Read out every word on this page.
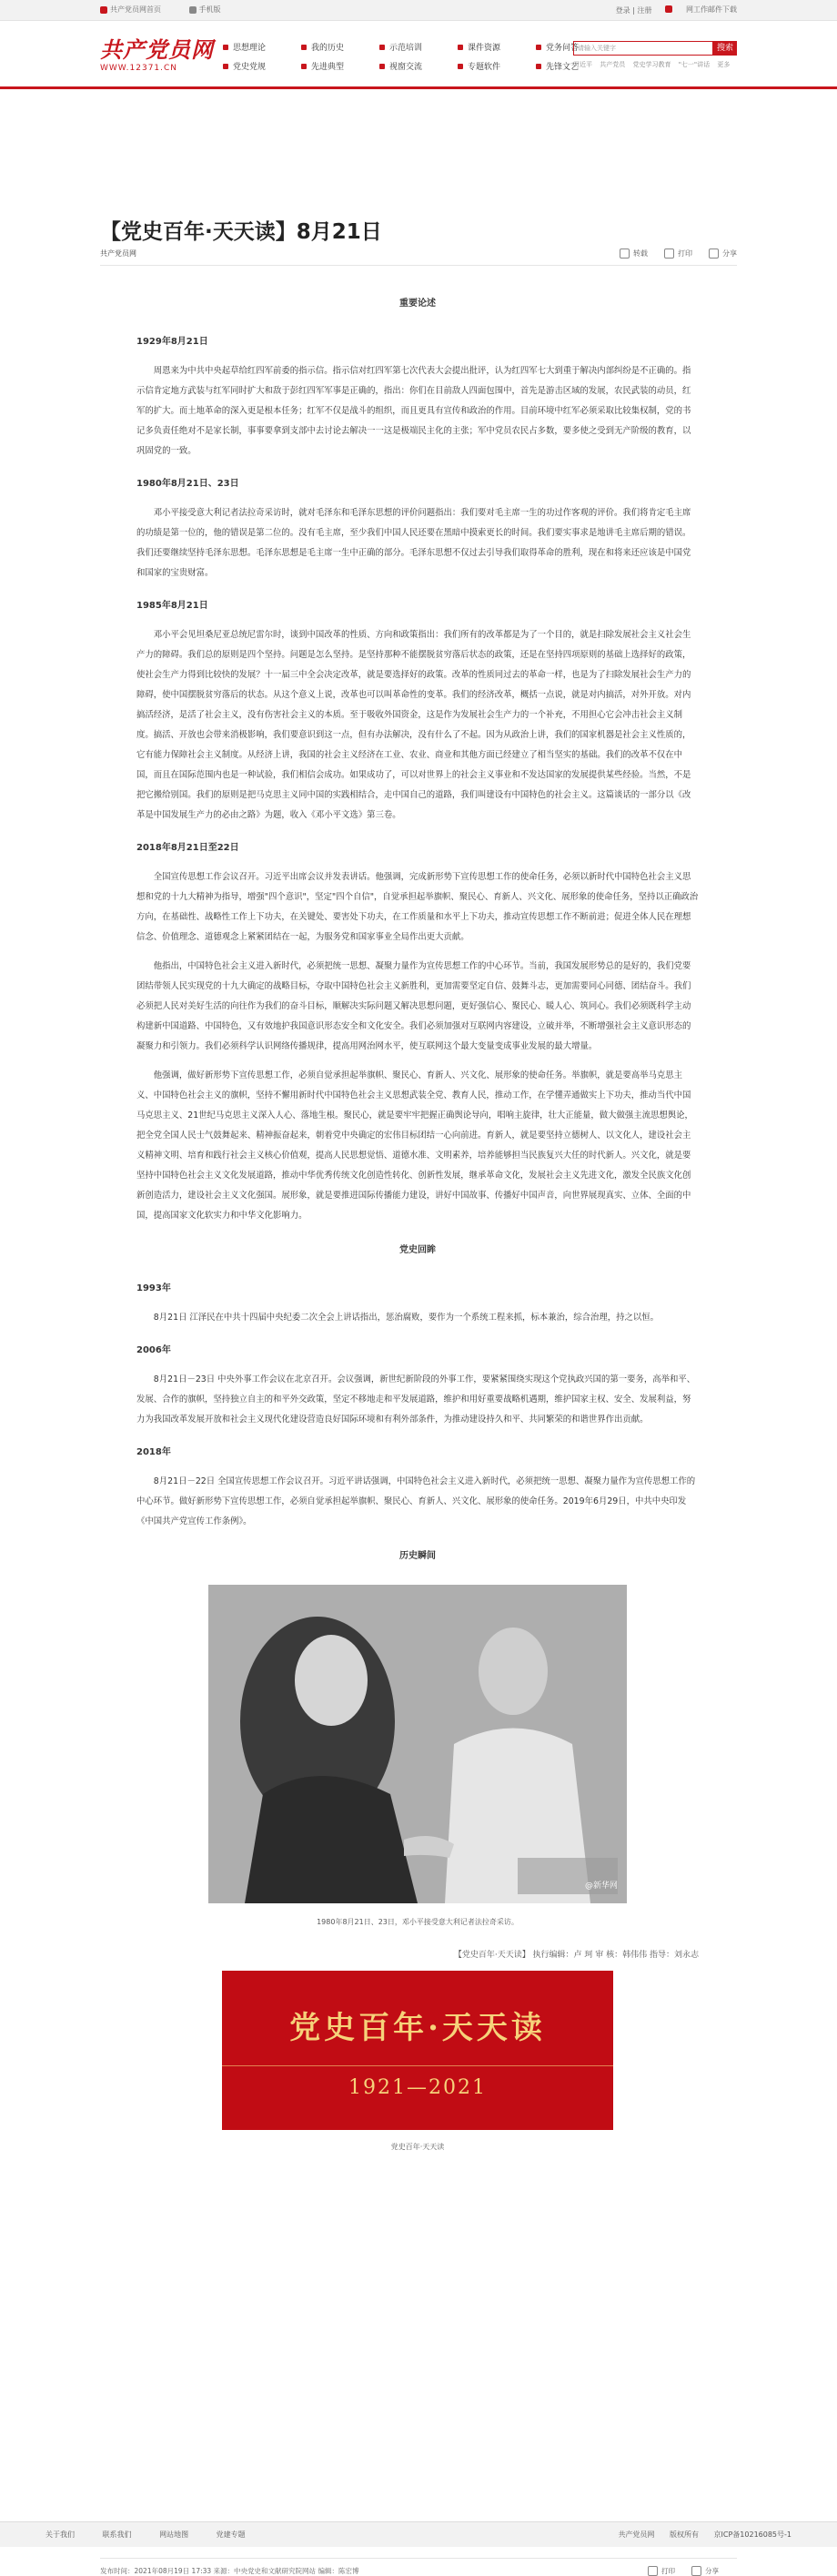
共产党员网首页
	手机版	登录 | 注册	网工作邮件下载
共产党员网
WWW.12371.CN
思想理论	我的历史	示范培训	课件资源	党务问答
党史党规	先进典型	视窗交流	专题软件	先锋文艺
请输入关键字	搜索
习近平 共产党员 党史学习教育 "七一"讲话 更多
【党史百年·天天读】8月21日
共产党员网	转载	打印	分享

重要论述

1929年8月21日

周恩来为中共中央起草给红四军前委的指示信。指示信对红四军第七次代表大会提出批评，认为红四军七大到重于解决内部纠纷是不正确的。指示信肯定地方武装与红军同时扩大和敌于彭红四军军事是正确的，指出：你们在目前敌人四面包围中，首先是游击区域的发展，农民武装的动员，红军的扩大。而土地革命的深入更是根本任务；红军不仅是战斗的组织，而且更具有宣传和政治的作用。目前环境中红军必须采取比较集权制，党的书记多负责任绝对不是家长制，事事要拿到支部中去讨论去解决一一这是极端民主化的主张；军中党员农民占多数，要多使之受到无产阶级的教育，以巩固党的一致。

1980年8月21日、23日

邓小平接受意大利记者法拉奇采访时，就对毛泽东和毛泽东思想的评价问题指出：我们要对毛主席一生的功过作客观的评价。我们将肯定毛主席的功绩是第一位的，他的错误是第二位的。没有毛主席，至少我们中国人民还要在黑暗中摸索更长的时间。我们要实事求是地讲毛主席后期的错误。我们还要继续坚持毛泽东思想。毛泽东思想是毛主席一生中正确的部分。毛泽东思想不仅过去引导我们取得革命的胜利，现在和将来还应该是中国党和国家的宝贵财富。

1985年8月21日

邓小平会见坦桑尼亚总统尼雷尔时，谈到中国改革的性质、方向和政策指出：我们所有的改革都是为了一个目的，就是扫除发展社会主义社会生产力的障碍。我们总的原则是四个坚持。问题是怎么坚持。是坚持那种不能摆脱贫穷落后状态的政策，还是在坚持四项原则的基础上选择好的政策，使社会生产力得到比较快的发展？十一届三中全会决定改革，就是要选择好的政策。改革的性质同过去的革命一样，也是为了扫除发展社会生产力的障碍，使中国摆脱贫穷落后的状态。从这个意义上说，改革也可以叫革命性的变革。我们的经济改革，概括一点说，就是对内搞活，对外开放。对内搞活经济，是活了社会主义，没有伤害社会主义的本质。至于吸收外国资金，这是作为发展社会生产力的一个补充，不用担心它会冲击社会主义制度。搞活、开放也会带来消极影响，我们要意识到这一点，但有办法解决，没有什么了不起。因为从政治上讲，我们的国家机器是社会主义性质的，它有能力保障社会主义制度。从经济上讲，我国的社会主义经济在工业、农业、商业和其他方面已经建立了相当坚实的基础。我们的改革不仅在中国，而且在国际范围内也是一种试验，我们相信会成功。如果成功了，可以对世界上的社会主义事业和不发达国家的发展提供某些经验。当然，不是把它搬给别国。我们的原则是把马克思主义同中国的实践相结合，走中国自己的道路，我们叫建设有中国特色的社会主义。这篇谈话的一部分以《改革是中国发展生产力的必由之路》为题，收入《邓小平文选》第三卷。

2018年8月21日至22日

全国宣传思想工作会议召开。习近平出席会议并发表讲话。他强调，完成新形势下宣传思想工作的使命任务，必须以新时代中国特色社会主义思想和党的十九大精神为指导，增强"四个意识"，坚定"四个自信"，自觉承担起举旗帜、聚民心、育新人、兴文化、展形象的使命任务，坚持以正确政治方向，在基础性、战略性工作上下功夫，在关键处、要害处下功夫，在工作质量和水平上下功夫，推动宣传思想工作不断前进；促进全体人民在理想信念、价值理念、道德观念上紧紧团结在一起，为服务党和国家事业全局作出更大贡献。

他指出，中国特色社会主义进入新时代，必须把统一思想、凝聚力量作为宣传思想工作的中心环节。当前，我国发展形势总的是好的，我们党要团结带领人民实现党的十九大确定的战略目标，夺取中国特色社会主义新胜利，更加需要坚定自信、鼓舞斗志，更加需要同心同德、团结奋斗。我们必须把人民对美好生活的向往作为我们的奋斗目标，顺解决实际问题又解决思想问题，更好强信心、聚民心、暖人心、筑同心。我们必须既科学主动构建新中国道路、中国特色，又有效地护我国意识形态安全和文化安全。我们必须加强对互联网内容建设，立破并举，不断增强社会主义意识形态的凝聚力和引领力。我们必须科学认识网络传播规律，提高用网治网水平，使互联网这个最大变量变成事业发展的最大增量。

他强调，做好新形势下宣传思想工作，必须自觉承担起举旗帜、聚民心、育新人、兴文化、展形象的使命任务。举旗帜，就是要高举马克思主义、中国特色社会主义的旗帜，坚持不懈用新时代中国特色社会主义思想武装全党、教育人民，推动工作，在学懂弄通做实上下功夫，推动当代中国马克思主义、21世纪马克思主义深入人心、落地生根。聚民心，就是要牢牢把握正确舆论导向，唱响主旋律，壮大正能量，做大做强主流思想舆论，把全党全国人民士气鼓舞起来、精神振奋起来，朝着党中央确定的宏伟目标团结一心向前进。育新人，就是要坚持立德树人、以文化人，建设社会主义精神文明、培育和践行社会主义核心价值观，提高人民思想觉悟、道德水准、文明素养，培养能够担当民族复兴大任的时代新人。兴文化，就是要坚持中国特色社会主义文化发展道路，推动中华优秀传统文化创造性转化、创新性发展，继承革命文化，发展社会主义先进文化，激发全民族文化创新创造活力，建设社会主义文化强国。展形象，就是要推进国际传播能力建设，讲好中国故事、传播好中国声音，向世界展现真实、立体、全面的中国，提高国家文化软实力和中华文化影响力。

党史回眸

1993年

8月21日 江泽民在中共十四届中央纪委二次全会上讲话指出，惩治腐败，要作为一个系统工程来抓，标本兼治，综合治理，持之以恒。

2006年

8月21日－23日 中央外事工作会议在北京召开。会议强调，新世纪新阶段的外事工作，要紧紧围绕实现这个党执政兴国的第一要务，高举和平、发展、合作的旗帜，坚持独立自主的和平外交政策，坚定不移地走和平发展道路，维护和用好重要战略机遇期，维护国家主权、安全、发展利益，努力为我国改革发展开放和社会主义现代化建设营造良好国际环境和有利外部条件，为推动建设持久和平、共同繁荣的和谐世界作出贡献。

2018年

8月21日－22日 全国宣传思想工作会议召开。习近平讲话强调，中国特色社会主义进入新时代，必须把统一思想、凝聚力量作为宣传思想工作的中心环节。做好新形势下宣传思想工作，必须自觉承担起举旗帜、聚民心、育新人、兴文化、展形象的使命任务。2019年6月29日，中共中央印发《中国共产党宣传工作条例》。

历史瞬间

@新华网

1980年8月21日、23日，邓小平接受意大利记者法拉奇采访。

【党史百年·天天读】 执行编辑：卢 珂 审 核：韩伟伟 指导：刘永志

党史百年·天天读
1921—2021

党史百年·天天读

发布时间：2021年08月19日 17:33 来源：中央党史和文献研究院网站 编辑：陈宏博	打印	分享
关于我们	联系我们	网站地图	党建专题	共产党员网 版权所有 京ICP备10216085号-1
